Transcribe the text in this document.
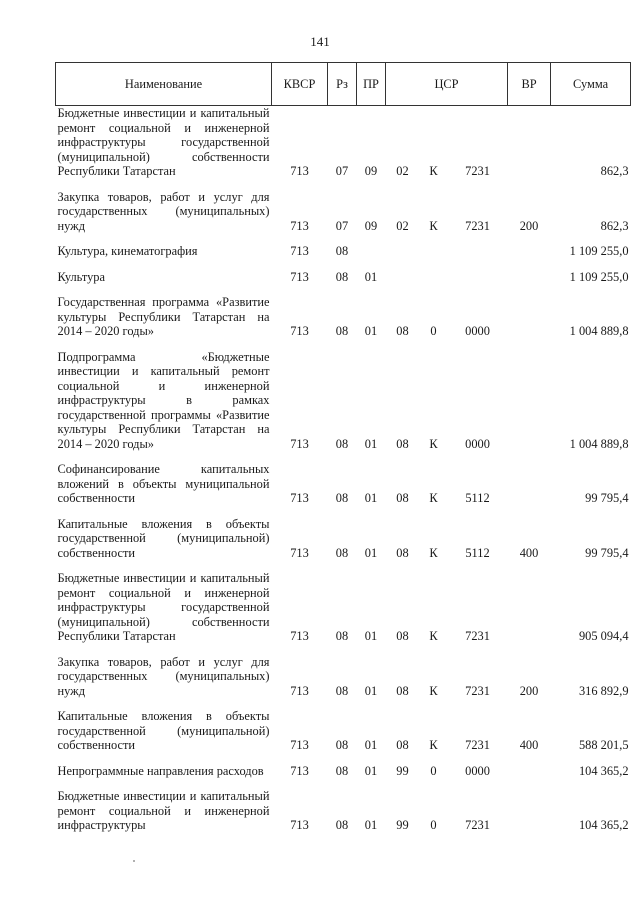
141
Наименование	КВСР	Рз	ПР	ЦСР			ВР	Сумма
Бюджетные инвестиции и капитальный ремонт социальной и инженерной инфраструктуры государственной (муниципальной) собственности Республики Татарстан	713	07	09	02	К	7231		862,3
Закупка товаров, работ и услуг для государственных (муниципальных) нужд	713	07	09	02	К	7231	200	862,3
Культура, кинематография	713	08						1 109 255,0
Культура	713	08	01					1 109 255,0
Государственная программа «Развитие культуры Республики Татарстан на 2014 – 2020 годы»	713	08	01	08	0	0000		1 004 889,8
Подпрограмма «Бюджетные инвестиции и капитальный ремонт социальной и инженерной инфраструктуры в рамках государственной программы «Развитие культуры Республики Татарстан на 2014 – 2020 годы»	713	08	01	08	К	0000		1 004 889,8
Софинансирование капитальных вложений в объекты муниципальной собственности	713	08	01	08	К	5112		99 795,4
Капитальные вложения в объекты государственной (муниципальной) собственности	713	08	01	08	К	5112	400	99 795,4
Бюджетные инвестиции и капитальный ремонт социальной и инженерной инфраструктуры государственной (муниципальной) собственности Республики Татарстан	713	08	01	08	К	7231		905 094,4
Закупка товаров, работ и услуг для государственных (муниципальных) нужд	713	08	01	08	К	7231	200	316 892,9
Капитальные вложения в объекты государственной (муниципальной) собственности	713	08	01	08	К	7231	400	588 201,5
Непрограммные направления расходов	713	08	01	99	0	0000		104 365,2
Бюджетные инвестиции и капитальный ремонт социальной и инженерной инфраструктуры	713	08	01	99	0	7231		104 365,2
